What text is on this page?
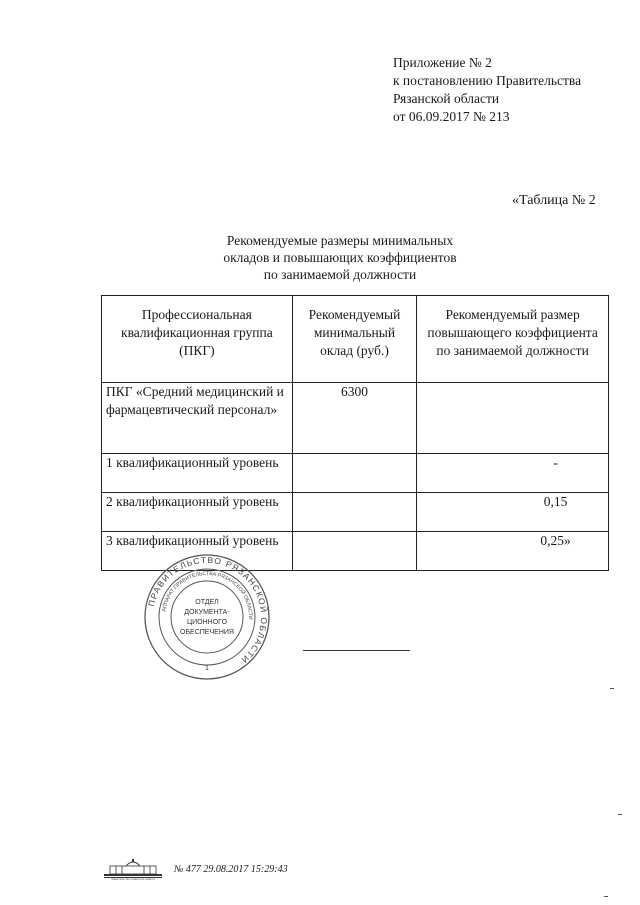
Приложение № 2
к постановлению Правительства
Рязанской области
от 06.09.2017 № 213
«Таблица № 2
Рекомендуемые размеры минимальных
окладов и повышающих коэффициентов
по занимаемой должности
Профессиональная квалификационная группа (ПКГ)	Рекомендуемый минимальный оклад (руб.)	Рекомендуемый размер повышающего коэффициента по занимаемой должности
ПКГ «Средний медицинский и фармацевтический персонал»	6300	
1 квалификационный уровень		-
2 квалификационный уровень		0,15
3 квалификационный уровень		0,25»
ПРАВИТЕЛЬСТВО РЯЗАНСКОЙ ОБЛАСТИ
АППАРАТ ПРАВИТЕЛЬСТВА РЯЗАНСКОЙ ОБЛАСТИ
ОТДЕЛ
ДОКУМЕНТА-
ЦИОННОГО
ОБЕСПЕЧЕНИЯ
1
ПРАВИТЕЛЬСТВО РЯЗАНСКОЙ ОБЛАСТИ
№ 477 29.08.2017 15:29:43
